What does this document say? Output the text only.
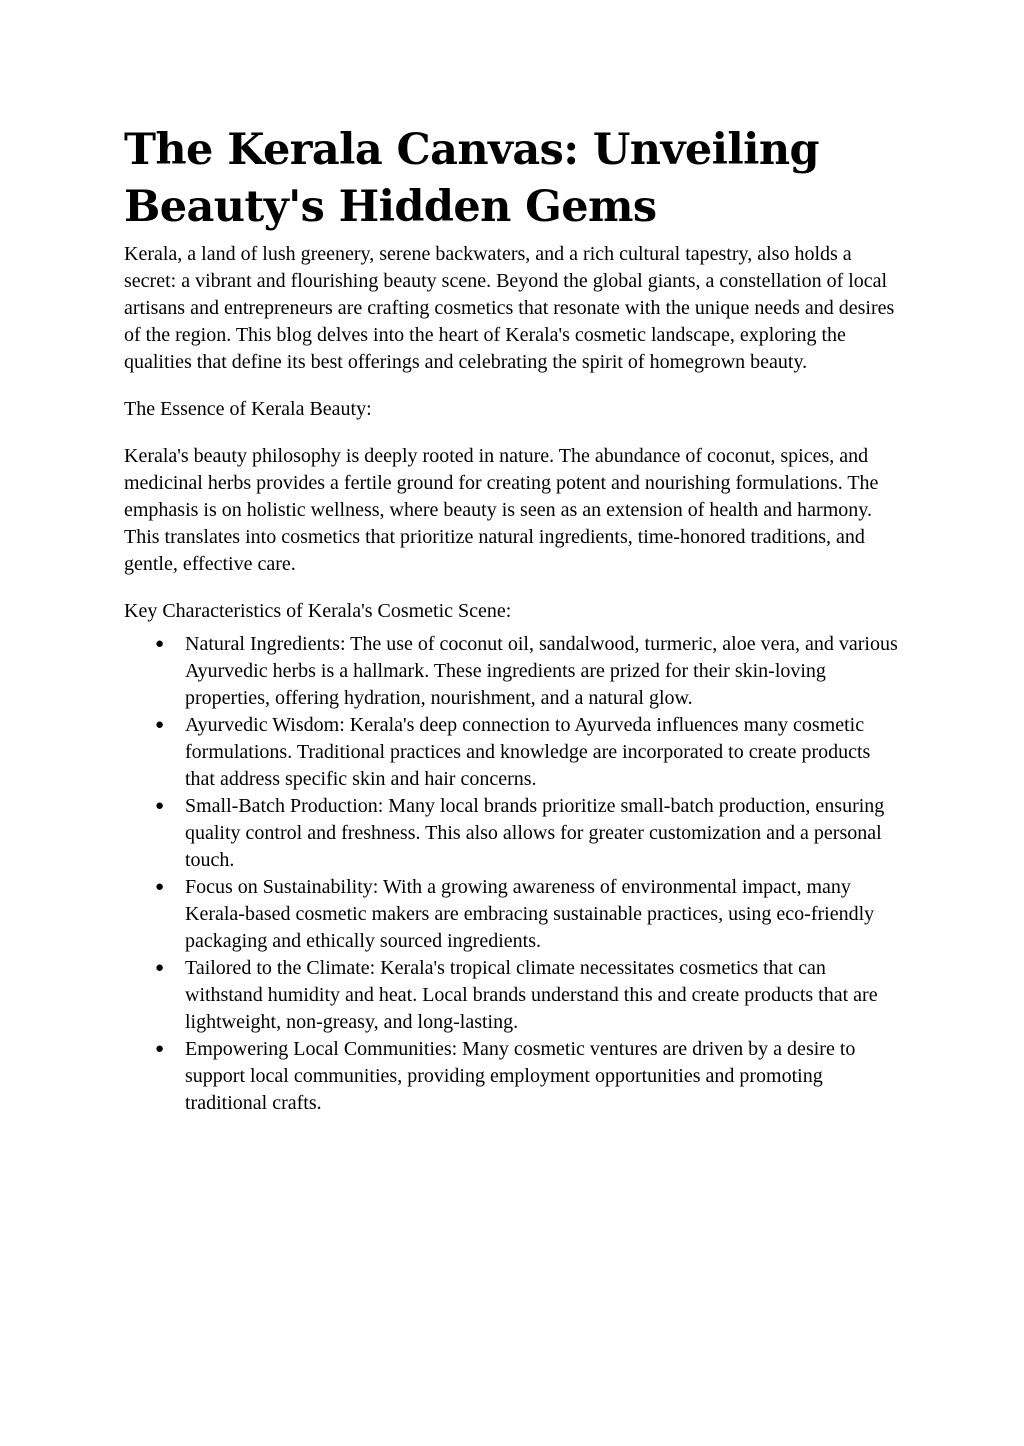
The Kerala Canvas: Unveiling Beauty's Hidden Gems

Kerala, a land of lush greenery, serene backwaters, and a rich cultural tapestry, also holds a secret: a vibrant and flourishing beauty scene. Beyond the global giants, a constellation of local artisans and entrepreneurs are crafting cosmetics that resonate with the unique needs and desires of the region. This blog delves into the heart of Kerala's cosmetic landscape, exploring the qualities that define its best offerings and celebrating the spirit of homegrown beauty.

The Essence of Kerala Beauty:

Kerala's beauty philosophy is deeply rooted in nature. The abundance of coconut, spices, and medicinal herbs provides a fertile ground for creating potent and nourishing formulations. The emphasis is on holistic wellness, where beauty is seen as an extension of health and harmony. This translates into cosmetics that prioritize natural ingredients, time-honored traditions, and gentle, effective care.

Key Characteristics of Kerala's Cosmetic Scene:

● Natural Ingredients: The use of coconut oil, sandalwood, turmeric, aloe vera, and various Ayurvedic herbs is a hallmark. These ingredients are prized for their skin-loving properties, offering hydration, nourishment, and a natural glow.
● Ayurvedic Wisdom: Kerala's deep connection to Ayurveda influences many cosmetic formulations. Traditional practices and knowledge are incorporated to create products that address specific skin and hair concerns.
● Small-Batch Production: Many local brands prioritize small-batch production, ensuring quality control and freshness. This also allows for greater customization and a personal touch.
● Focus on Sustainability: With a growing awareness of environmental impact, many Kerala-based cosmetic makers are embracing sustainable practices, using eco-friendly packaging and ethically sourced ingredients.
● Tailored to the Climate: Kerala's tropical climate necessitates cosmetics that can withstand humidity and heat. Local brands understand this and create products that are lightweight, non-greasy, and long-lasting.
● Empowering Local Communities: Many cosmetic ventures are driven by a desire to support local communities, providing employment opportunities and promoting traditional crafts.
